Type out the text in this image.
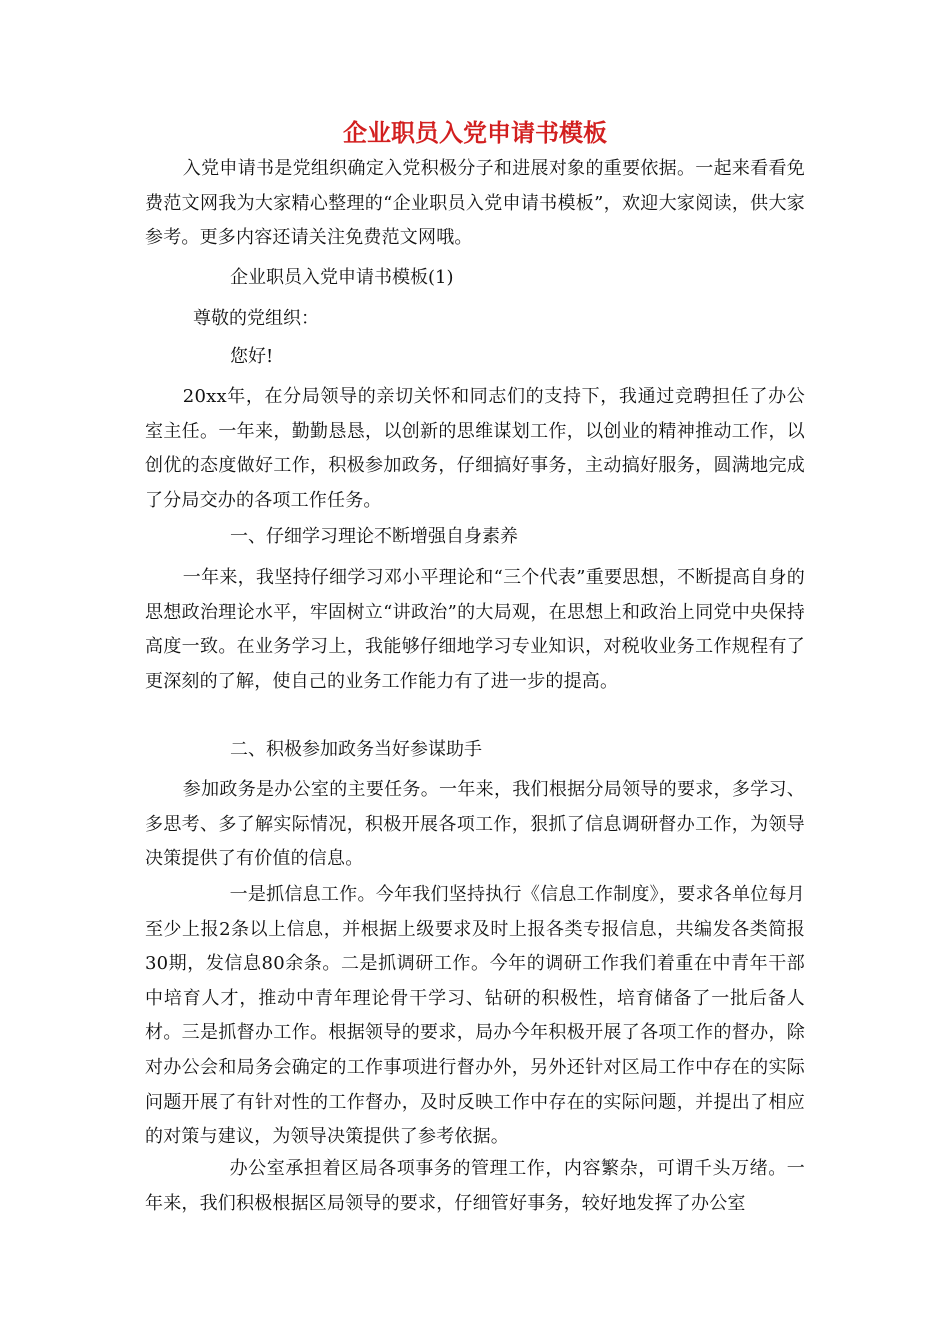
企业职员入党申请书模板

入党申请书是党组织确定入党积极分子和进展对象的重要依据。一起来看看免费范文网我为大家精心整理的“企业职员入党申请书模板”，欢迎大家阅读，供大家参考。更多内容还请关注免费范文网哦。

企业职员入党申请书模板(1)

尊敬的党组织：

您好!

20xx年，在分局领导的亲切关怀和同志们的支持下，我通过竞聘担任了办公室主任。一年来，勤勤恳恳，以创新的思维谋划工作，以创业的精神推动工作，以创优的态度做好工作，积极参加政务，仔细搞好事务，主动搞好服务，圆满地完成了分局交办的各项工作任务。

一、仔细学习理论不断增强自身素养

一年来，我坚持仔细学习邓小平理论和“三个代表”重要思想，不断提高自身的思想政治理论水平，牢固树立“讲政治”的大局观，在思想上和政治上同党中央保持高度一致。在业务学习上，我能够仔细地学习专业知识，对税收业务工作规程有了更深刻的了解，使自己的业务工作能力有了进一步的提高。

二、积极参加政务当好参谋助手

参加政务是办公室的主要任务。一年来，我们根据分局领导的要求，多学习、多思考、多了解实际情况，积极开展各项工作，狠抓了信息调研督办工作，为领导决策提供了有价值的信息。

一是抓信息工作。今年我们坚持执行《信息工作制度》，要求各单位每月至少上报2条以上信息，并根据上级要求及时上报各类专报信息，共编发各类简报30期，发信息80余条。二是抓调研工作。今年的调研工作我们着重在中青年干部中培育人才，推动中青年理论骨干学习、钻研的积极性，培育储备了一批后备人材。三是抓督办工作。根据领导的要求，局办今年积极开展了各项工作的督办，除对办公会和局务会确定的工作事项进行督办外，另外还针对区局工作中存在的实际问题开展了有针对性的工作督办，及时反映工作中存在的实际问题，并提出了相应的对策与建议，为领导决策提供了参考依据。

办公室承担着区局各项事务的管理工作，内容繁杂，可谓千头万绪。一年来，我们积极根据区局领导的要求，仔细管好事务，较好地发挥了办公室
